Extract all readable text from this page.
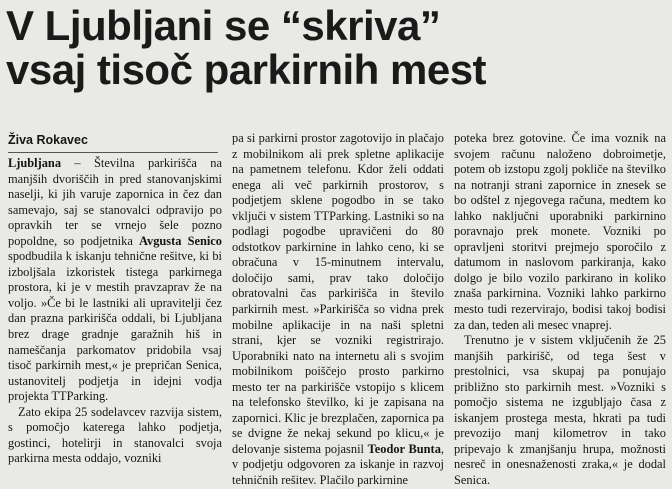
V Ljubljani se “skriva”
vsaj tisoč parkirnih mest
Živa Rokavec
Ljubljana – Številna parkirišča na manjših dvoriščih in pred stanovanjskimi naselji, ki jih varuje zapornica in čez dan samevajo, saj se stanovalci odpravijo po opravkih ter se vrnejo šele pozno popoldne, so podjetnika Avgusta Senico spodbudila k iskanju tehnične rešitve, ki bi izboljšala izkoristek tistega parkirnega prostora, ki je v mestih pravzaprav že na voljo. »Če bi le lastniki ali upravitelji čez dan prazna parkirišča oddali, bi Ljubljana brez drage gradnje garažnih hiš in nameščanja parkomatov pridobila vsaj tisoč parkirnih mest,« je prepričan Senica, ustanovitelj podjetja in idejni vodja projekta TTParking.
Zato ekipa 25 sodelavcev razvija sistem, s pomočjo katerega lahko podjetja, gostinci, hotelirji in stanovalci svoja parkirna mesta oddajo, vozniki
pa si parkirni prostor zagotovijo in plačajo z mobilnikom ali prek spletne aplikacije na pametnem telefonu. Kdor želi oddati enega ali več parkirnih prostorov, s podjetjem sklene pogodbo in se tako vključi v sistem TTParking. Lastniki so na podlagi pogodbe upravičeni do 80 odstotkov parkirnine in lahko ceno, ki se obračuna v 15-minutnem intervalu, določijo sami, prav tako določijo obratovalni čas parkirišča in število parkirnih mest. »Parkirišča so vidna prek mobilne aplikacije in na naši spletni strani, kjer se vozniki registrirajo. Uporabniki nato na internetu ali s svojim mobilnikom poiščejo prosto parkirno mesto ter na parkirišče vstopijo s klicem na telefonsko številko, ki je zapisana na zapornici. Klic je brezplačen, zapornica pa se dvigne že nekaj sekund po klicu,« je delovanje sistema pojasnil Teodor Bunta, v podjetju odgovoren za iskanje in razvoj tehničnih rešitev. Plačilo parkirnine
poteka brez gotovine. Če ima voznik na svojem računu naloženo dobroimetje, potem ob izstopu zgolj pokliče na številko na notranji strani zapornice in znesek se bo odštel z njegovega računa, medtem ko lahko naključni uporabniki parkirnino poravnajo prek monete. Vozniki po opravljeni storitvi prejmejo sporočilo z datumom in naslovom parkiranja, kako dolgo je bilo vozilo parkirano in koliko znaša parkirnina. Vozniki lahko parkirno mesto tudi rezervirajo, bodisi takoj bodisi za dan, teden ali mesec vnaprej.
Trenutno je v sistem vključenih že 25 manjših parkirišč, od tega šest v prestolnici, vsa skupaj pa ponujajo približno sto parkirnih mest. »Vozniki s pomočjo sistema ne izgubljajo časa z iskanjem prostega mesta, hkrati pa tudi prevozijo manj kilometrov in tako pripevajo k zmanjšanju hrupa, možnosti nesreč in onesnaženosti zraka,« je dodal Senica.
